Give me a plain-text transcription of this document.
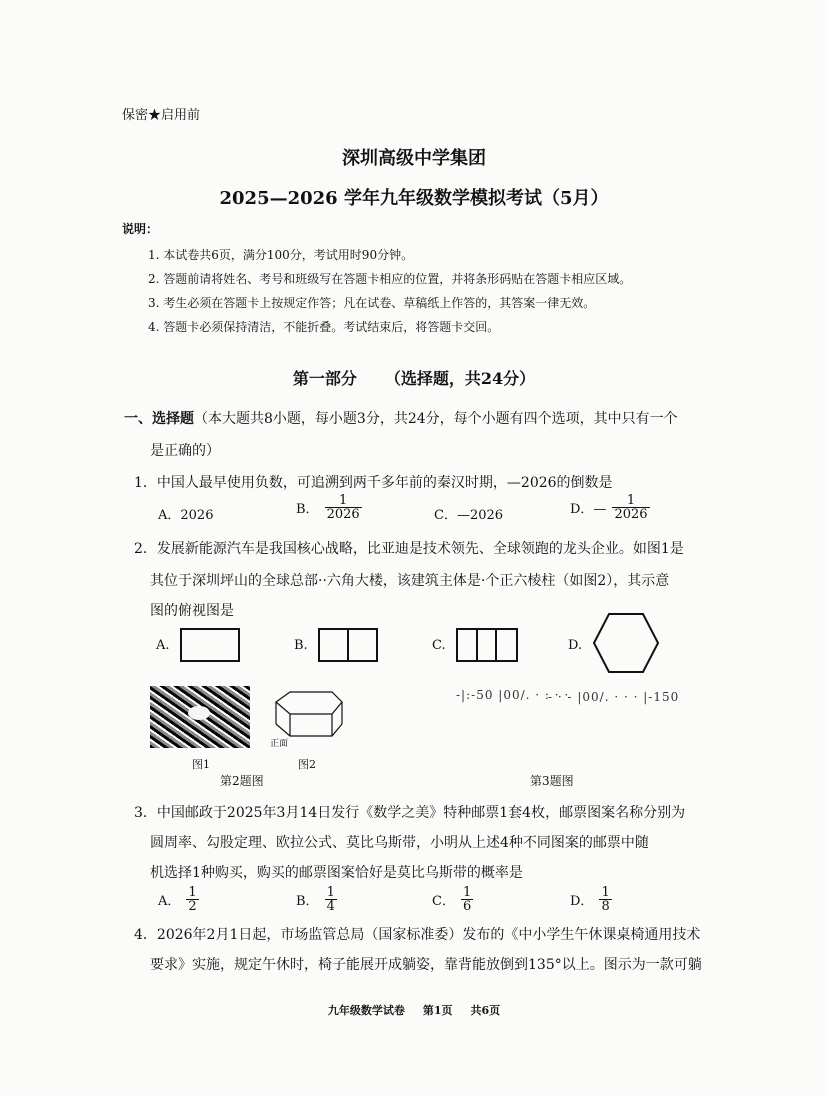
保密★启用前
深圳高级中学集团
2025—2026 学年九年级数学模拟考试（5月）
说明：
1. 本试卷共6页，满分100分，考试用时90分钟。
2. 答题前请将姓名、考号和班级写在答题卡相应的位置，并将条形码贴在答题卡相应区域。
3. 考生必须在答题卡上按规定作答；凡在试卷、草稿纸上作答的，其答案一律无效。
4. 答题卡必须保持清洁，不能折叠。考试结束后，将答题卡交回。
第一部分 （选择题，共24分）
一、选择题（本大题共8小题，每小题3分，共24分，每个小题有四个选项，其中只有一个
是正确的）
1．中国人最早使用负数，可追溯到两千多年前的秦汉时期，—2026的倒数是
A．2026	B． $\frac{1}{2026}$	C．—2026	D．— $\frac{1}{2026}$
2．发展新能源汽车是我国核心战略，比亚迪是技术领先、全球领跑的龙头企业。如图1是
其位于深圳坪山的全球总部··六角大楼，该建筑主体是·个正六棱柱（如图2），其示意
图的俯视图是
A.	B.	C.	D.
正面
图1	图2
第2题图
-|:-50 |00/. · : · ·
- · - |00/. · · · |-150
第3题图
3．中国邮政于2025年3月14日发行《数学之美》特种邮票1套4枚，邮票图案名称分别为
圆周率、勾股定理、欧拉公式、莫比乌斯带，小明从上述4种不同图案的邮票中随
机选择1种购买，购买的邮票图案恰好是莫比乌斯带的概率是
A． $\frac{1}{2}$	B． $\frac{1}{4}$	C． $\frac{1}{6}$	D． $\frac{1}{8}$
4．2026年2月1日起，市场监管总局（国家标准委）发布的《中小学生午休课桌椅通用技术
要求》实施，规定午休时，椅子能展开成躺姿，靠背能放倒到135°以上。图示为一款可躺
九年级数学试卷 第1页 共6页
